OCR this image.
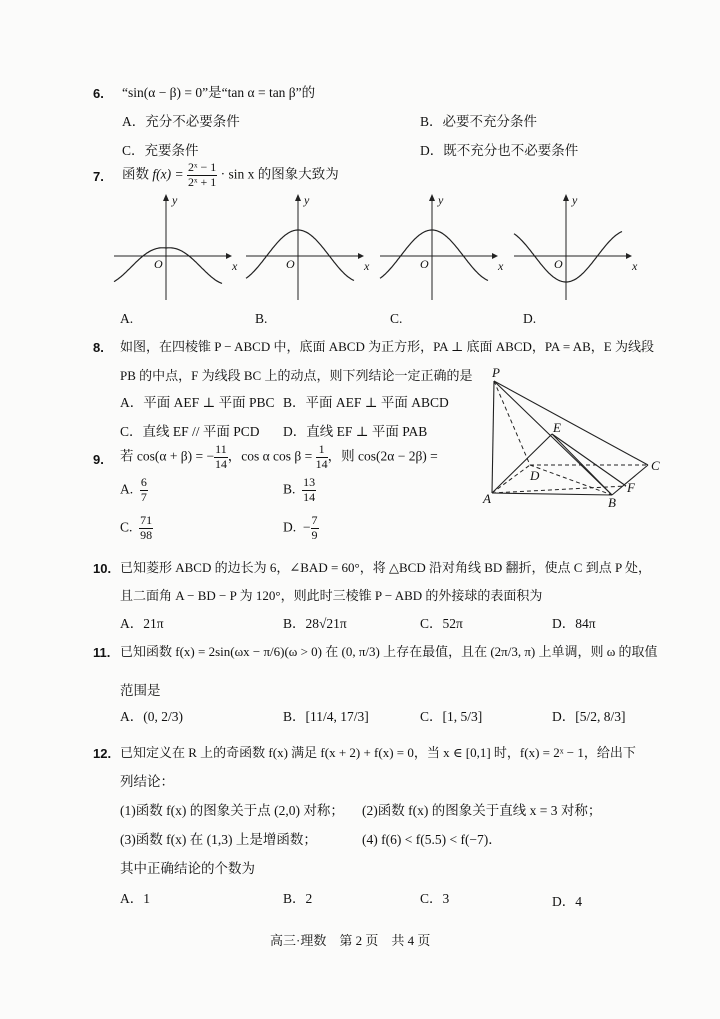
6. “sin(α − β) = 0”是“tan α = tan β”的
A．充分不必要条件	B．必要不充分条件
C．充要条件	D．既不充分也不必要条件
7. 函数 $f(x) = \frac{\text{2ˣ − 1}}{\text{2ˣ + 1}} \cdot \sin x$ 的图象大致为
y
x
O
y
x
O
y
x
O
y
x
O
A.	B.	C.	D.
8. 如图，在四棱锥 P − ABCD 中，底面 ABCD 为正方形，PA ⊥ 底面 ABCD，PA = AB，E 为线段
PB 的中点，F 为线段 BC 上的动点，则下列结论一定正确的是
A．平面 AEF ⊥ 平面 PBC B．平面 AEF ⊥ 平面 ABCD
C．直线 EF // 平面 PCD D．直线 EF ⊥ 平面 PAB
P
A	B
C
D
E
F
9. 若 cos(α + β) = − $\frac{11}{14}$ ，cos α $\cos \beta = \frac{1}{14}$ ，则 cos(2α − 2β) =
A. $\frac{6}{7}$	B. $\frac{13}{14}$
C. $\frac{71}{98}$	D. − $\frac{7}{9}$
10. 已知菱形 ABCD 的边长为 6，∠BAD = 60°，将 △BCD 沿对角线 BD 翻折，使点 C 到点 P 处，
且二面角 A − BD − P 为 120°，则此时三棱锥 P − ABD 的外接球的表面积为
A．21π	B．28√21π	C．52π	D．84π
11. 已知函数 f(x) = 2sin(ωx − π/6)(ω > 0) 在 (0, π/3) 上存在最值，且在 (2π/3, π) 上单调，则 ω 的取值
范围是
A．(0, 2/3)	B．[11/4, 17/3]	C．[1, 5/3]	D．[5/2, 8/3]
12. 已知定义在 R 上的奇函数 f(x) 满足 f(x + 2) + f(x) = 0，当 x ∈ [0,1] 时，f(x) = 2ˣ − 1，给出下
列结论：
(1)函数 f(x) 的图象关于点 (2,0) 对称； (2)函数 f(x) 的图象关于直线 x = 3 对称；
(3)函数 f(x) 在 (1,3) 上是增函数；	(4) f(6) < f(5.5) < f(−7)．
其中正确结论的个数为
A．1	B．2	C．3	D．4
高三·理数　第 2 页　共 4 页
